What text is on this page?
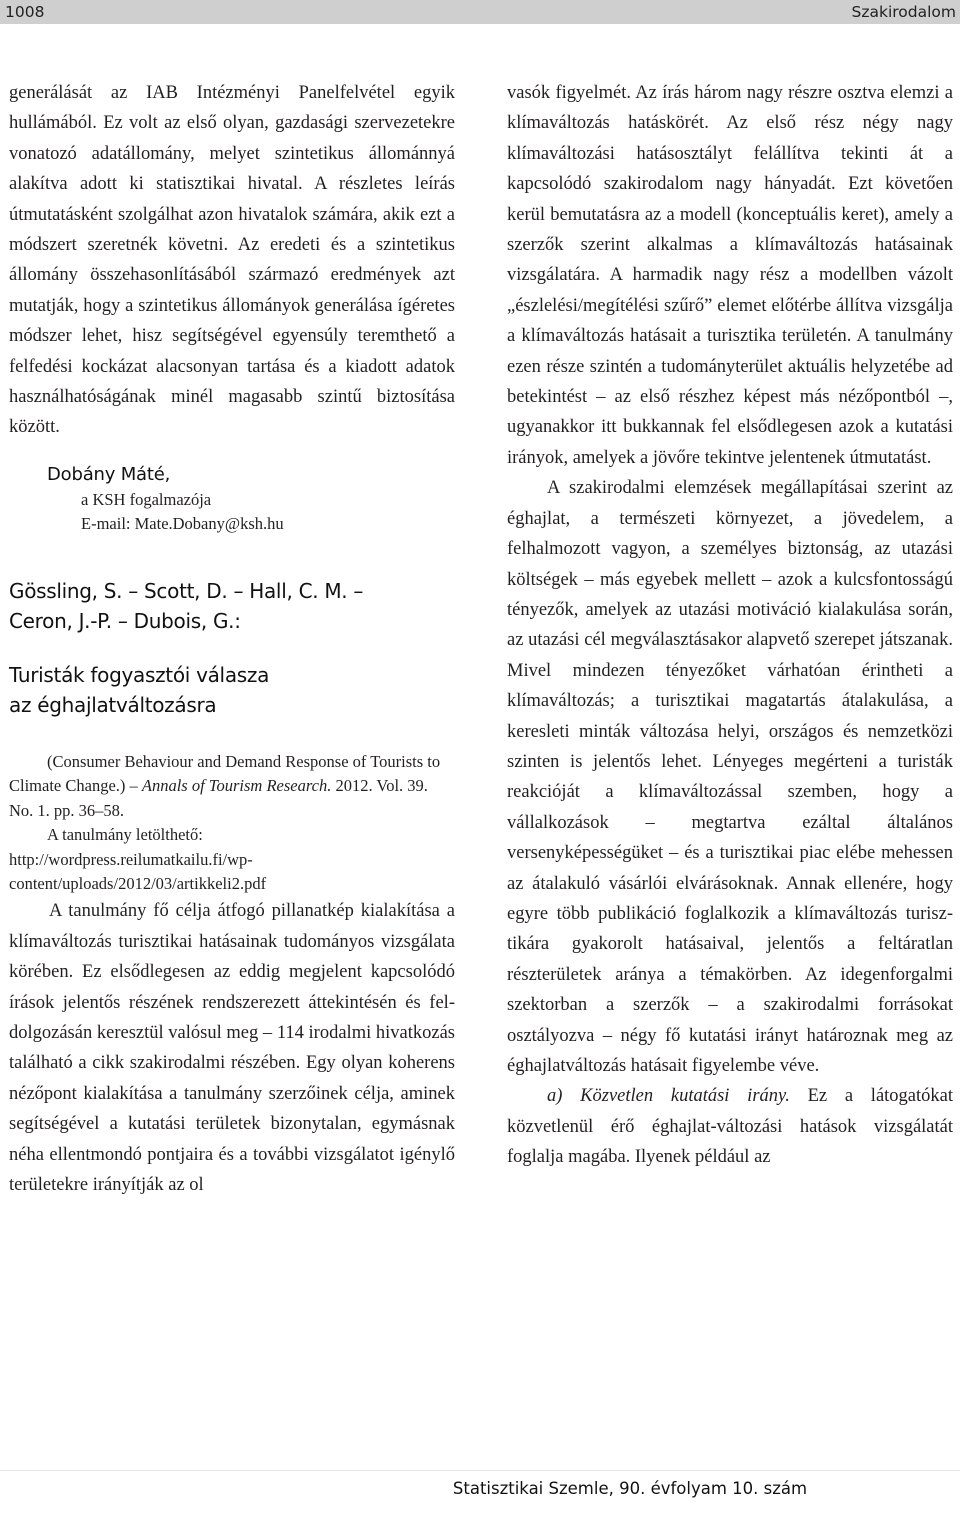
1008	Szakirodalom

generálását az IAB Intézményi Panelfelvétel egyik hullámából. Ez volt az első olyan, gazdasági szervezetekre vonatozó adatállomány, melyet szintetikus állománnyá alakítva adott ki statisztikai hivatal. A részletes leírás útmutatásként szolgálhat azon hivatalok számára, akik ezt a módszert szeretnék követni. Az eredeti és a szintetikus állomány összehasonlításából származó eredmények azt mutatják, hogy a szintetikus állományok generálása ígéretes módszer lehet, hisz segítségével egyensúly teremthető a felfedési kockázat alacsonyan tartása és a kiadott adatok használhatóságának minél magasabb szintű biztosítása között.

Dobány Máté,
a KSH fogalmazója
E-mail: Mate.Dobany@ksh.hu
Gössling, S. – Scott, D. – Hall, C. M. –
Ceron, J.-P. – Dubois, G.:
Turisták fogyasztói válasza
az éghajlatváltozásra
(Consumer Behaviour and Demand Response of Tourists to Climate Change.) – Annals of Tourism Research. 2012. Vol. 39. No. 1. pp. 36–58.
A tanulmány letölthető:
http://wordpress.reilumatkailu.fi/wp-
content/uploads/2012/03/artikkeli2.pdf

A tanulmány fő célja átfogó pillanatkép kialakítása a klímaváltozás turisztikai hatásainak tudományos vizsgálata körében. Ez elsődlegesen az eddig megjelent kapcsolódó írások jelentős részének rendszerezett áttekintésén és feldolgozásán keresztül valósul meg – 114 irodalmi hivatkozás található a cikk szakirodalmi részében. Egy olyan koherens nézőpont kialakítása a tanulmány szerzőinek célja, aminek segítségével a kutatási területek bizonytalan, egymásnak néha ellentmondó pontjaira és a további vizsgálatot igénylő területekre irányítják az ol

vasók figyelmét. Az írás három nagy részre osztva elemzi a klímaváltozás hatáskörét. Az első rész négy nagy klímaváltozási hatásosztályt felállítva tekinti át a kapcsolódó szakirodalom nagy hányadát. Ezt követően kerül bemutatásra az a modell (konceptuális keret), amely a szerzők szerint alkalmas a klímaváltozás hatásainak vizsgálatára. A harmadik nagy rész a modellben vázolt „észlelési/megítélési szűrő” elemet előtérbe állítva vizsgálja a klímaváltozás hatásait a turisztika területén. A tanulmány ezen része szintén a tudományterület aktuális helyzetébe ad betekintést – az első részhez képest más nézőpontból –, ugyanakkor itt bukkannak fel elsődlegesen azok a kutatási irányok, amelyek a jövőre tekintve jelentenek útmutatást.

A szakirodalmi elemzések megállapításai szerint az éghajlat, a természeti környezet, a jövedelem, a felhalmozott vagyon, a személyes biztonság, az utazási költségek – más egyebek mellett – azok a kulcsfontosságú tényezők, amelyek az utazási motiváció kialakulása során, az utazási cél megválasztásakor alapvető szerepet játszanak. Mivel mindezen tényezőket várhatóan érintheti a klímaváltozás; a turisztikai magatartás átalakulása, a keresleti minták változása helyi, országos és nemzetközi szinten is jelentős lehet. Lényeges megérteni a turisták reakcióját a klímaváltozással szemben, hogy a vállalkozások – megtartva ezáltal általános versenyképességüket – és a turisztikai piac elébe mehessen az átalakuló vásárlói elvárásoknak. Annak ellenére, hogy egyre több publikáció foglalkozik a klímaváltozás turisztikára gyakorolt hatásaival, jelentős a feltáratlan részterületek aránya a témakörben. Az idegenforgalmi szektorban a szerzők – a szakirodalmi forrásokat osztályozva – négy fő kutatási irányt határoznak meg az éghajlatváltozás hatásait figyelembe véve.

a) Közvetlen kutatási irány. Ez a látogatókat közvetlenül érő éghajlat-változási hatások vizsgálatát foglalja magába. Ilyenek például az

Statisztikai Szemle, 90. évfolyam 10. szám
